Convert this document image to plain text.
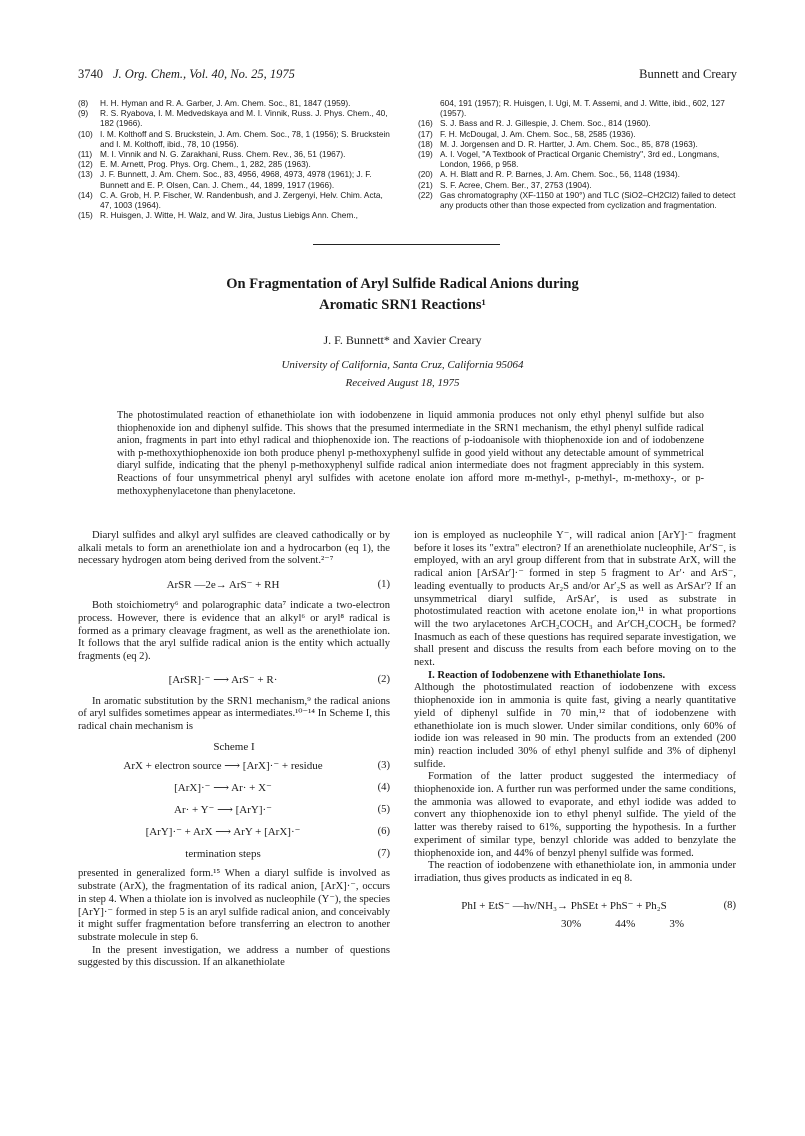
3740 J. Org. Chem., Vol. 40, No. 25, 1975	Bunnett and Creary
(8)	H. H. Hyman and R. A. Garber, J. Am. Chem. Soc., 81, 1847 (1959).
(9)	R. S. Ryabova, I. M. Medvedskaya and M. I. Vinnik, Russ. J. Phys. Chem., 40, 182 (1966).
(10) I. M. Kolthoff and S. Bruckstein, J. Am. Chem. Soc., 78, 1 (1956); S. Bruckstein and I. M. Kolthoff, ibid., 78, 10 (1956).
(11) M. I. Vinnik and N. G. Zarakhani, Russ. Chem. Rev., 36, 51 (1967).
(12) E. M. Arnett, Prog. Phys. Org. Chem., 1, 282, 285 (1963).
(13) J. F. Bunnett, J. Am. Chem. Soc., 83, 4956, 4968, 4973, 4978 (1961); J. F. Bunnett and E. P. Olsen, Can. J. Chem., 44, 1899, 1917 (1966).
(14) C. A. Grob, H. P. Fischer, W. Randenbush, and J. Zergenyi, Helv. Chim. Acta, 47, 1003 (1964).
(15) R. Huisgen, J. Witte, H. Walz, and W. Jira, Justus Liebigs Ann. Chem.,
604, 191 (1957); R. Huisgen, I. Ugi, M. T. Assemi, and J. Witte, ibid., 602, 127 (1957).
(16) S. J. Bass and R. J. Gillespie, J. Chem. Soc., 814 (1960).
(17) F. H. McDougal, J. Am. Chem. Soc., 58, 2585 (1936).
(18) M. J. Jorgensen and D. R. Hartter, J. Am. Chem. Soc., 85, 878 (1963).
(19) A. I. Vogel, "A Textbook of Practical Organic Chemistry", 3rd ed., Longmans, London, 1966, p 958.
(20) A. H. Blatt and R. P. Barnes, J. Am. Chem. Soc., 56, 1148 (1934).
(21) S. F. Acree, Chem. Ber., 37, 2753 (1904).
(22) Gas chromatography (XF-1150 at 190°) and TLC (SiO2–CH2Cl2) failed to detect any products other than those expected from cyclization and fragmentation.
On Fragmentation of Aryl Sulfide Radical Anions during
Aromatic SRN1 Reactions¹
J. F. Bunnett* and Xavier Creary
University of California, Santa Cruz, California 95064
Received August 18, 1975
The photostimulated reaction of ethanethiolate ion with iodobenzene in liquid ammonia produces not only ethyl phenyl sulfide but also thiophenoxide ion and diphenyl sulfide. This shows that the presumed intermediate in the SRN1 mechanism, the ethyl phenyl sulfide radical anion, fragments in part into ethyl radical and thiophenoxide ion. The reactions of p-iodoanisole with thiophenoxide ion and of iodobenzene with p-methoxythiophenoxide ion both produce phenyl p-methoxyphenyl sulfide in good yield without any detectable amount of symmetrical diaryl sulfide, indicating that the phenyl p-methoxyphenyl sulfide radical anion intermediate does not fragment appreciably in this system. Reactions of four unsymmetrical phenyl aryl sulfides with acetone enolate ion afford more m-methyl-, p-methyl-, m-methoxy-, or p-methoxyphenylacetone than phenylacetone.

Diaryl sulfides and alkyl aryl sulfides are cleaved cathodically or by alkali metals to form an arenethiolate ion and a hydrocarbon (eq 1), the necessary hydrogen atom being derived from the solvent.²⁻⁷

ArSR —2e→ ArS⁻ + RH	(1)

Both stoichiometry⁶ and polarographic data⁷ indicate a two-electron process. However, there is evidence that an alkyl⁶ or aryl⁸ radical is formed as a primary cleavage fragment, as well as the arenethiolate ion. It follows that the aryl sulfide radical anion is the entity which actually fragments (eq 2).

[ArSR]·⁻ ⟶ ArS⁻ + R·	(2)

In aromatic substitution by the SRN1 mechanism,⁹ the radical anions of aryl sulfides sometimes appear as intermediates.¹⁰⁻¹⁴ In Scheme I, this radical chain mechanism is

Scheme I
ArX + electron source ⟶ [ArX]·⁻ + residue	(3)
[ArX]·⁻ ⟶ Ar· + X⁻	(4)
Ar· + Y⁻ ⟶ [ArY]·⁻	(5)
[ArY]·⁻ + ArX ⟶ ArY + [ArX]·⁻	(6)
termination steps	(7)

presented in generalized form.¹⁵ When a diaryl sulfide is involved as substrate (ArX), the fragmentation of its radical anion, [ArX]·⁻, occurs in step 4. When a thiolate ion is involved as nucleophile (Y⁻), the species [ArY]·⁻ formed in step 5 is an aryl sulfide radical anion, and conceivably it might suffer fragmentation before transferring an electron to another substrate molecule in step 6.

In the present investigation, we address a number of questions suggested by this discussion. If an alkanethiolate

ion is employed as nucleophile Y⁻, will radical anion [ArY]·⁻ fragment before it loses its "extra" electron? If an arenethiolate nucleophile, Ar′S⁻, is employed, with an aryl group different from that in substrate ArX, will the radical anion [ArSAr′]·⁻ formed in step 5 fragment to Ar′· and ArS⁻, leading eventually to products Ar₂S and/or Ar′₂S as well as ArSAr′? If an unsymmetrical diaryl sulfide, ArSAr′, is used as substrate in photostimulated reaction with acetone enolate ion,¹¹ in what proportions will the two arylacetones ArCH₂COCH₃ and Ar′CH₂COCH₃ be formed? Inasmuch as each of these questions has required separate investigation, we shall present and discuss the results from each before moving on to the next.

I. Reaction of Iodobenzene with Ethanethiolate Ions.

Although the photostimulated reaction of iodobenzene with excess thiophenoxide ion in ammonia is quite fast, giving a nearly quantitative yield of diphenyl sulfide in 70 min,¹² that of iodobenzene with ethanethiolate ion is much slower. Under similar conditions, only 60% of iodide ion was released in 90 min. The products from an extended (200 min) reaction included 30% of ethyl phenyl sulfide and 3% of diphenyl sulfide.

Formation of the latter product suggested the intermediacy of thiophenoxide ion. A further run was performed under the same conditions, the ammonia was allowed to evaporate, and ethyl iodide was added to convert any thiophenoxide ion to ethyl phenyl sulfide. The yield of the latter was thereby raised to 61%, supporting the hypothesis. In a further experiment of similar type, benzyl chloride was added to benzylate the thiophenoxide ion, and 44% of benzyl phenyl sulfide was formed.

The reaction of iodobenzene with ethanethiolate ion, in ammonia under irradiation, thus gives products as indicated in eq 8.

PhI + EtS⁻ —hν/NH₃→ PhSEt + PhS⁻ + Ph₂S	(8)
30%	44%	3%
